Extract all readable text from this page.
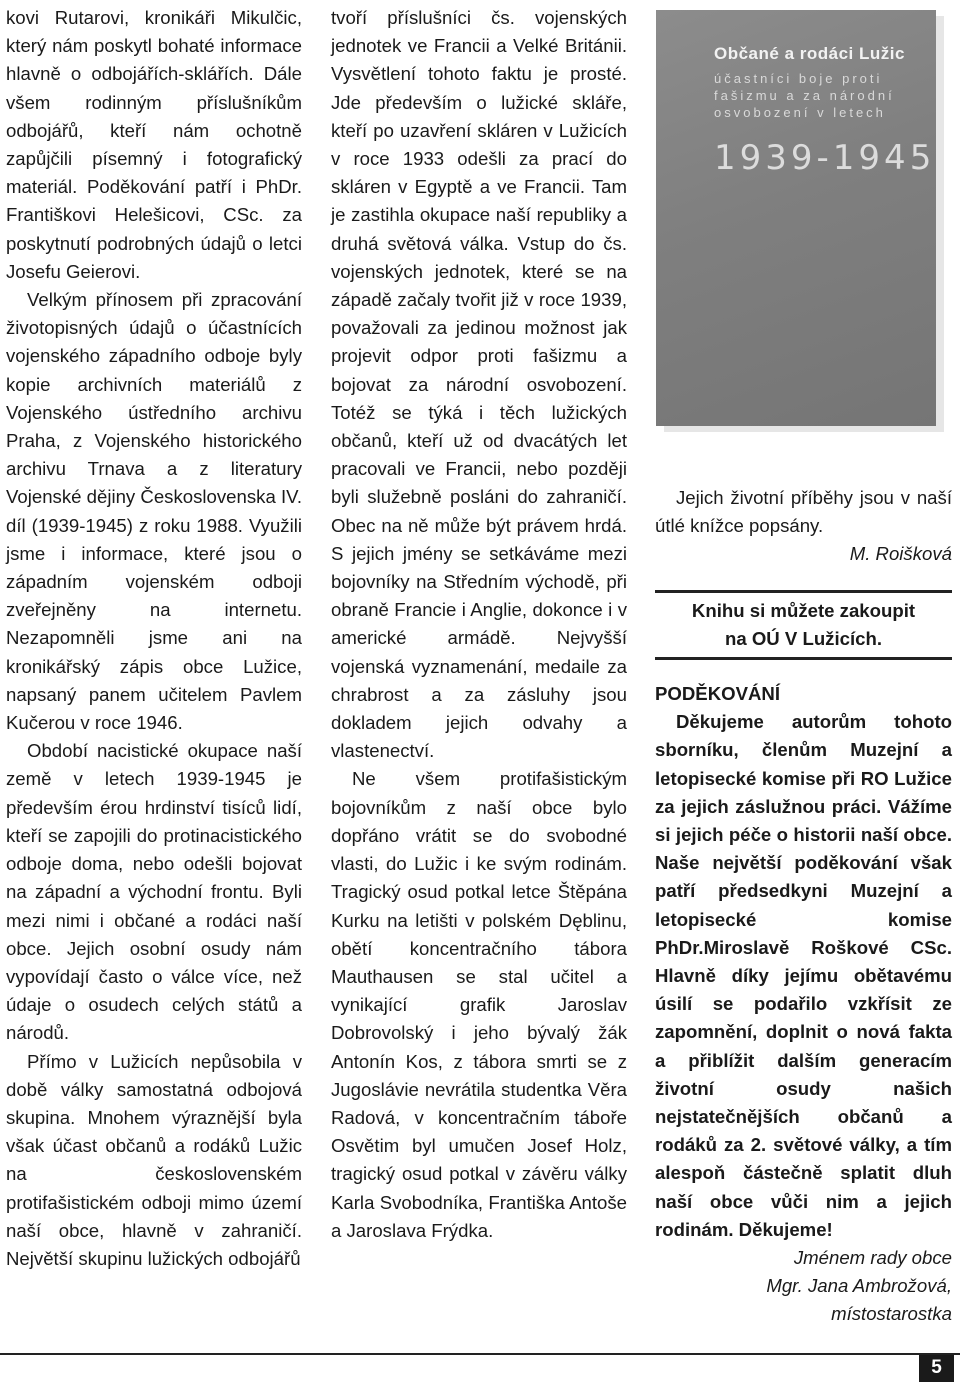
kovi Rutarovi, kronikáři Mikulčic, který nám poskytl bohaté informace hlavně o odbojářích-sklářích. Dále všem rodinným příslušníkům odbojářů, kteří nám ochotně zapůjčili písemný i fotografický materiál. Poděkování patří i PhDr. Františkovi Helešicovi, CSc. za poskytnutí podrobných údajů o letci Josefu Geierovi.

Velkým přínosem při zpracování životopisných údajů o účastnících vojenského západního odboje byly kopie archivních materiálů z Vojenského ústředního archivu Praha, z Vojenského historického archivu Trnava a z literatury Vojenské dějiny Československa IV. díl (1939-1945) z roku 1988. Využili jsme i informace, které jsou o západním vojenském odboji zveřejněny na internetu. Nezapomněli jsme ani na kronikářský zápis obce Lužice, napsaný panem učitelem Pavlem Kučerou v roce 1946.

Období nacistické okupace naší země v letech 1939-1945 je především érou hrdinství tisíců lidí, kteří se zapojili do protinacistického odboje doma, nebo odešli bojovat na západní a východní frontu. Byli mezi nimi i občané a rodáci naší obce. Jejich osobní osudy nám vypovídají často o válce více, než údaje o osudech celých států a národů.

Přímo v Lužicích nepůsobila v době války samostatná odbojová skupina. Mnohem výraznější byla však účast občanů a rodáků Lužic na československém protifašistickém odboji mimo území naší obce, hlavně v zahraničí. Největší skupinu lužických odbojářů

tvoří příslušníci čs. vojenských jednotek ve Francii a Velké Británii. Vysvětlení tohoto faktu je prosté. Jde především o lužické skláře, kteří po uzavření skláren v Lužicích v roce 1933 odešli za prací do skláren v Egyptě a ve Francii. Tam je zastihla okupace naší republiky a druhá světová válka. Vstup do čs. vojenských jednotek, které se na západě začaly tvořit již v roce 1939, považovali za jedinou možnost jak projevit odpor proti fašizmu a bojovat za národní osvobození. Totéž se týká i těch lužických občanů, kteří už od dvacátých let pracovali ve Francii, nebo později byli služebně posláni do zahraničí. Obec na ně může být právem hrdá. S jejich jmény se setkáváme mezi bojovníky na Středním východě, při obraně Francie i Anglie, dokonce i v americké armádě. Nejvyšší vojenská vyznamenání, medaile za chrabrost a za zásluhy jsou dokladem jejich odvahy a vlastenectví.

Ne všem protifašistickým bojovníkům z naší obce bylo dopřáno vrátit se do svobodné vlasti, do Lužic i ke svým rodinám. Tragický osud potkal letce Štěpána Kurku na letišti v polském Dęblinu, obětí koncentračního tábora Mauthausen se stal učitel a vynikající grafik Jaroslav Dobrovolský i jeho bývalý žák Antonín Kos, z tábora smrti se z Jugoslávie nevrátila studentka Věra Radová, v koncentračním táboře Osvětim byl umučen Josef Holz, tragický osud potkal v závěru války Karla Svobodníka, Františka Antoše a Jaroslava Frýdka.

Občané a rodáci Lužic
účastníci boje proti
fašizmu a za národní
osvobození v letech
1939-1945

Jejich životní příběhy jsou v naší útlé knížce popsány.

M. Roišková

Knihu si můžete zakoupit
na OÚ V Lužicích.

PODĚKOVÁNÍ

Děkujeme autorům tohoto sborníku, členům Muzejní a letopisecké komise při RO Lužice za jejich záslužnou práci. Vážíme si jejich péče o historii naší obce. Naše největší poděkování však patří předsedkyni Muzejní a letopisecké komise PhDr.Miroslavě Roškové CSc. Hlavně díky jejímu obětavému úsilí se podařilo vzkřísit ze zapomnění, doplnit o nová fakta a přiblížit dalším generacím životní osudy našich nejstatečnějších občanů a rodáků za 2. světové války, a tím alespoň částečně splatit dluh naší obce vůči nim a jejich rodinám. Děkujeme!

Jménem rady obce

Mgr. Jana Ambrožová,

místostarostka

5
